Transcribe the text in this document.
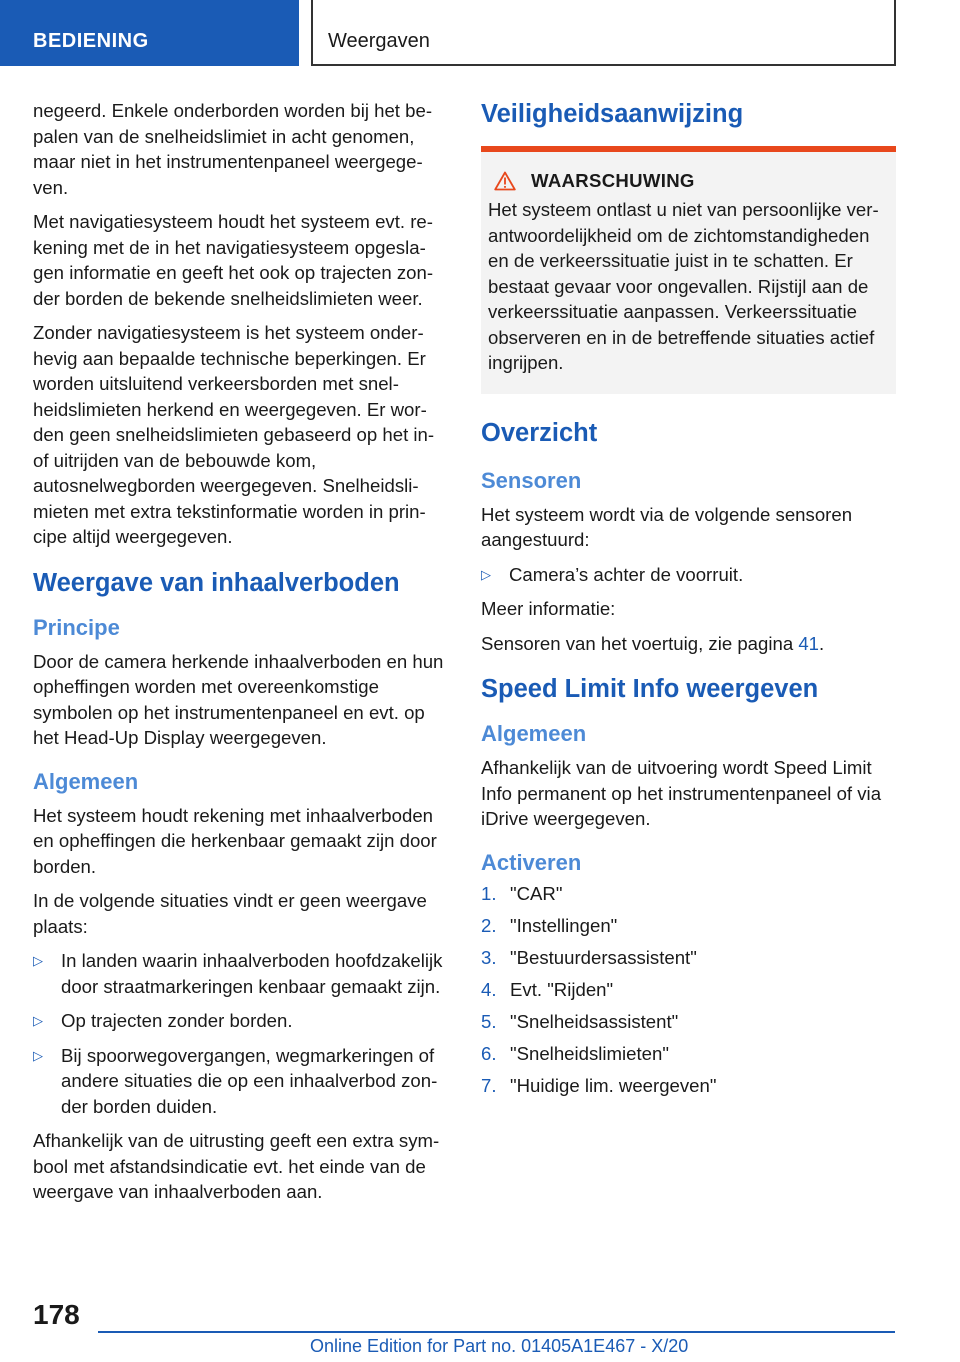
BEDIENING	Weergaven

negeerd. Enkele onderborden worden bij het bepalen van de snelheidslimiet in acht genomen, maar niet in het instrumentenpaneel weergegeven.

Met navigatiesysteem houdt het systeem evt. rekening met de in het navigatiesysteem opgeslagen informatie en geeft het ook op trajecten zonder borden de bekende snelheidslimieten weer.

Zonder navigatiesysteem is het systeem onderhevig aan bepaalde technische beperkingen. Er worden uitsluitend verkeersborden met snelheidslimieten herkend en weergegeven. Er worden geen snelheidslimieten gebaseerd op het in- of uitrijden van de bebouwde kom, autosnelwegborden weergegeven. Snelheidslimieten met extra tekstinformatie worden in principe altijd weergegeven.

Weergave van inhaalverboden
Principe

Door de camera herkende inhaalverboden en hun opheffingen worden met overeenkomstige symbolen op het instrumentenpaneel en evt. op het Head-Up Display weergegeven.

Algemeen

Het systeem houdt rekening met inhaalverboden en opheffingen die herkenbaar gemaakt zijn door borden.

In de volgende situaties vindt er geen weergave plaats:

▷ In landen waarin inhaalverboden hoofdzakelijk door straatmarkeringen kenbaar gemaakt zijn.
▷ Op trajecten zonder borden.
▷ Bij spoorwegovergangen, wegmarkeringen of andere situaties die op een inhaalverbod zonder borden duiden.

Afhankelijk van de uitrusting geeft een extra symbool met afstandsindicatie evt. het einde van de weergave van inhaalverboden aan.

Veiligheidsaanwijzing
WAARSCHUWING

Het systeem ontlast u niet van persoonlijke verantwoordelijkheid om de zichtomstandigheden en de verkeerssituatie juist in te schatten. Er bestaat gevaar voor ongevallen. Rijstijl aan de verkeerssituatie aanpassen. Verkeerssituatie observeren en in de betreffende situaties actief ingrijpen.

Overzicht
Sensoren

Het systeem wordt via de volgende sensoren aangestuurd:

▷ Camera’s achter de voorruit.

Meer informatie:

Sensoren van het voertuig, zie pagina 41.

Speed Limit Info weergeven
Algemeen

Afhankelijk van de uitvoering wordt Speed Limit Info permanent op het instrumentenpaneel of via iDrive weergegeven.

Activeren
1. "CAR"
2. "Instellingen"
3. "Bestuurdersassistent"
4. Evt. "Rijden"
5. "Snelheidsassistent"
6. "Snelheidslimieten"
7. "Huidige lim. weergeven"
178
Online Edition for Part no. 01405A1E467 - X/20
